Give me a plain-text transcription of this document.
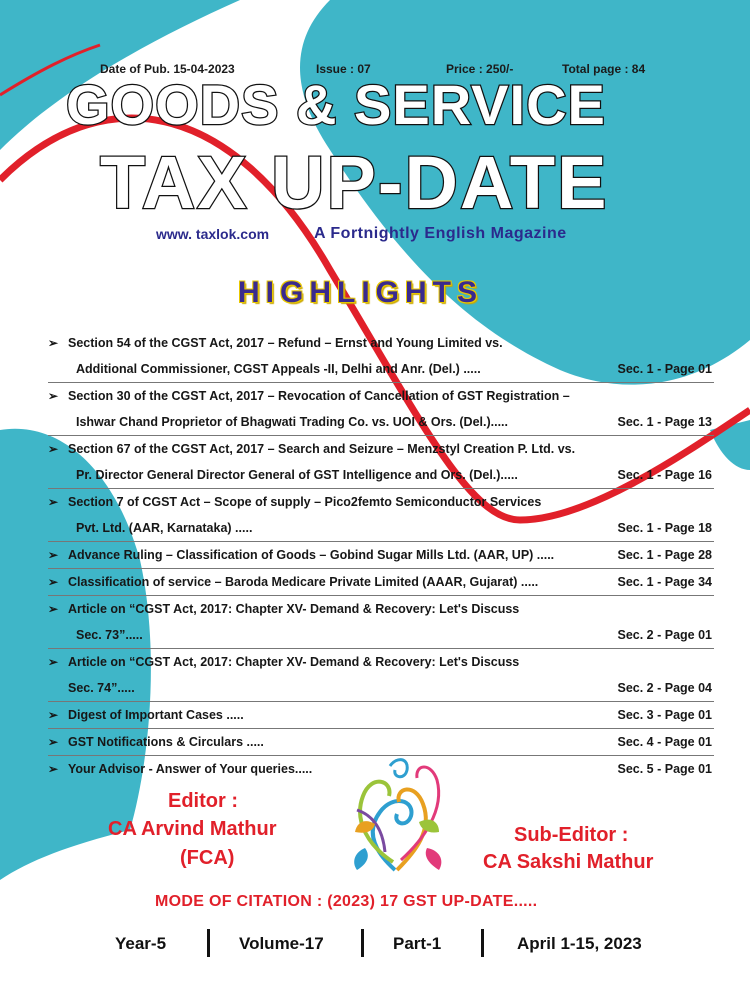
Date of Pub. 15-04-2023	Issue : 07	Price : 250/-	Total page : 84
GOODS & SERVICE
TAX UP-DATE
www. taxlok.com	A Fortnightly English Magazine
HIGHLIGHTS
➢ Section 54 of the CGST Act, 2017 – Refund – Ernst and Young Limited vs.
Additional Commissioner, CGST Appeals -II, Delhi and Anr. (Del.) .....	Sec. 1 - Page 01
➢ Section 30 of the CGST Act, 2017 – Revocation of Cancellation of GST Registration –
Ishwar Chand Proprietor of Bhagwati Trading Co. vs. UOI & Ors. (Del.).....	Sec. 1 - Page 13
➢ Section 67 of the CGST Act, 2017 – Search and Seizure – Menzstyl Creation P. Ltd. vs.
Pr. Director General Director General of GST Intelligence and Ors. (Del.).....	Sec. 1 - Page 16
➢ Section 7 of CGST Act – Scope of supply – Pico2femto Semiconductor Services
Pvt. Ltd. (AAR, Karnataka) .....	Sec. 1 - Page 18
➢ Advance Ruling – Classification of Goods – Gobind Sugar Mills Ltd. (AAR, UP) .....	Sec. 1 - Page 28
➢ Classification of service – Baroda Medicare Private Limited (AAAR, Gujarat) .....	Sec. 1 - Page 34
➢ Article on “CGST Act, 2017: Chapter XV- Demand & Recovery: Let's Discuss
Sec. 73”.....	Sec. 2 - Page 01
➢ Article on “CGST Act, 2017: Chapter XV- Demand & Recovery: Let's Discuss
Sec. 74”.....	Sec. 2 - Page 04
➢ Digest of Important Cases .....	Sec. 3 - Page 01
➢ GST Notifications & Circulars .....	Sec. 4 - Page 01
➢ Your Advisor - Answer of Your queries.....	Sec. 5 - Page 01
Editor :
CA Arvind Mathur
(FCA)
Sub-Editor :
CA Sakshi Mathur
MODE OF CITATION : (2023) 17 GST UP-DATE.....
Year-5	Volume-17	Part-1	April 1-15, 2023
